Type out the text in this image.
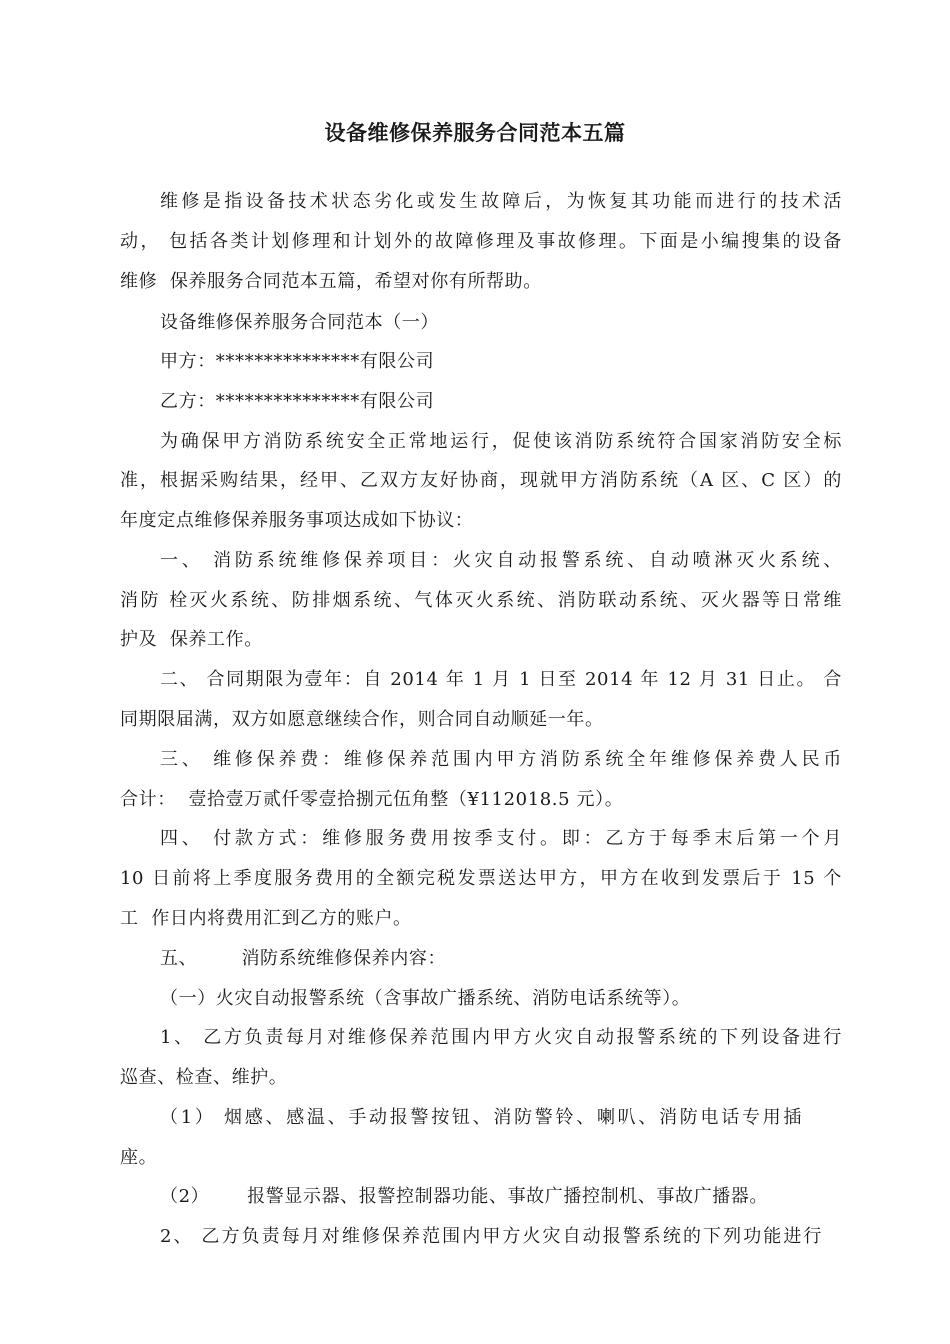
设备维修保养服务合同范本五篇
维修是指设备技术状态劣化或发生故障后，为恢复其功能而进行的技术活
动， 包括各类计划修理和计划外的故障修理及事故修理。下面是小编搜集的设备
维修  保养服务合同范本五篇，希望对你有所帮助。
设备维修保养服务合同范本（一）
甲方：***************有限公司
乙方：***************有限公司
为确保甲方消防系统安全正常地运行，促使该消防系统符合国家消防安全标
准，根据采购结果，经甲、乙双方友好协商，现就甲方消防系统（A 区、C 区）的
年度定点维修保养服务事项达成如下协议：
一、 消防系统维修保养项目：火灾自动报警系统、自动喷淋灭火系统、
消防 栓灭火系统、防排烟系统、气体灭火系统、消防联动系统、灭火器等日常维
护及  保养工作。
二、 合同期限为壹年：自 2014 年 1 月 1 日至 2014 年 12 月 31 日止。 合
同期限届满，双方如愿意继续合作，则合同自动顺延一年。
三、 维修保养费：维修保养范围内甲方消防系统全年维修保养费人民币
合计：  壹拾壹万贰仟零壹拾捌元伍角整（¥112018.5 元）。
四、 付款方式：维修服务费用按季支付。即：乙方于每季末后第一个月
10 日前将上季度服务费用的全额完税发票送达甲方，甲方在收到发票后于 15 个
工  作日内将费用汇到乙方的账户。
五、       消防系统维修保养内容：
（一）火灾自动报警系统（含事故广播系统、消防电话系统等）。
1、 乙方负责每月对维修保养范围内甲方火灾自动报警系统的下列设备进行
巡查、检查、维护。
（1） 烟感、感温、手动报警按钮、消防警铃、喇叭、消防电话专用插
座。
（2）      报警显示器、报警控制器功能、事故广播控制机、事故广播器。
2、 乙方负责每月对维修保养范围内甲方火灾自动报警系统的下列功能进行
